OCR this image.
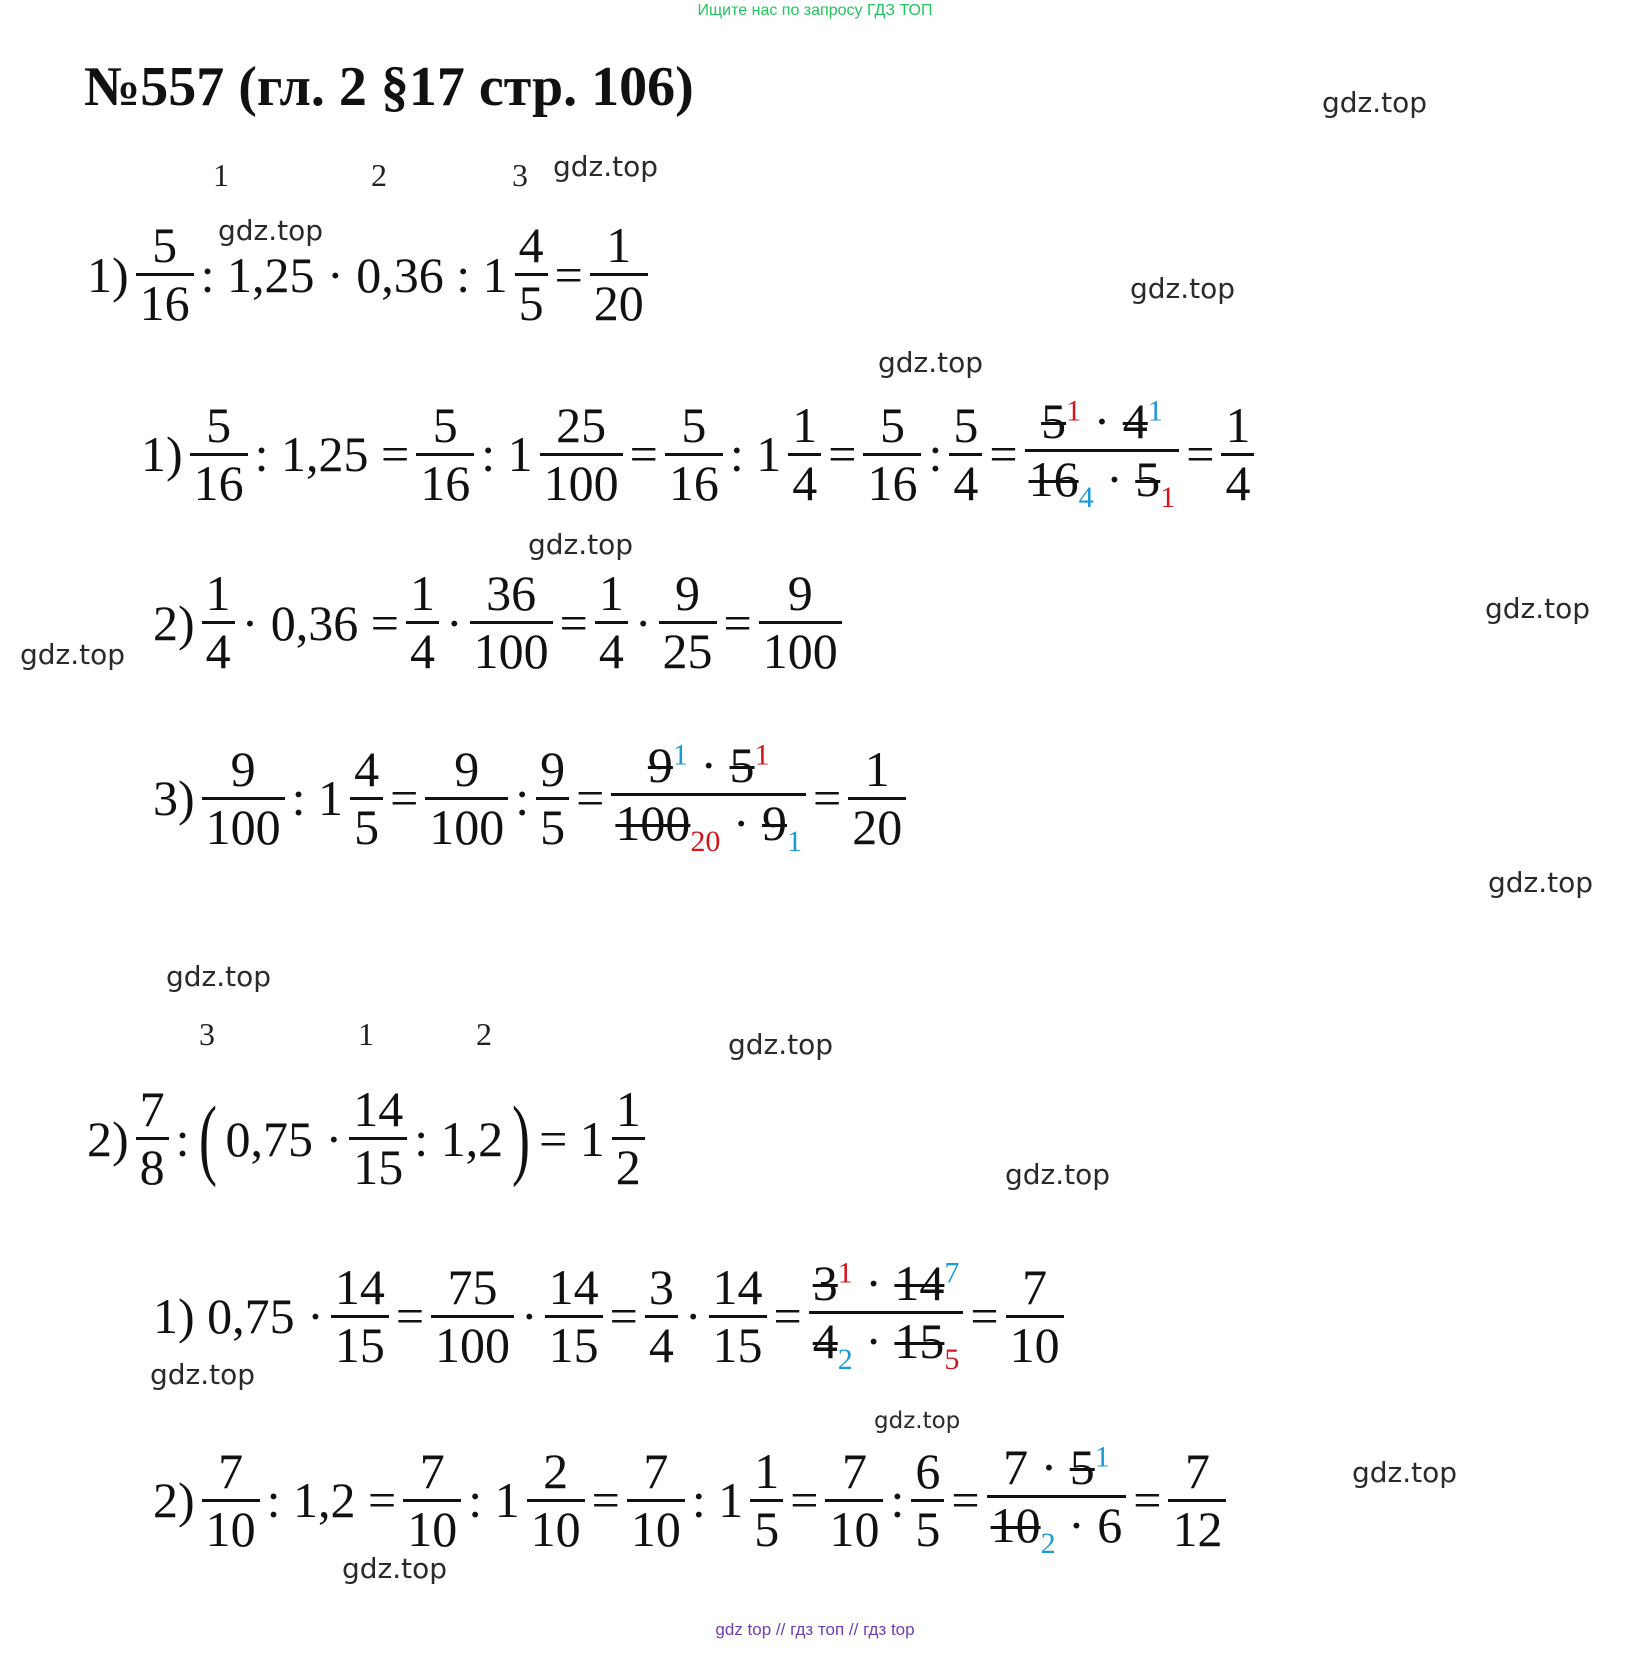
Ищите нас по запросу ГДЗ ТОП
№557 (гл. 2 §17 стр. 106)	gdz.top
gdz.top
gdz.top
gdz.top
gdz.top
gdz.top
gdz.top
gdz.top
gdz.top
gdz.top
gdz.top
gdz.top
gdz.top
gdz.top
gdz.top
gdz.top
1	2	3
3	1	2
$1) \frac{5}{16}$ : 1,25 · 0,36 : $1 \frac{4}{5} = \frac{1}{20}$
$1) \frac{5}{16}$ : $1,25 = \frac{5}{16}$ : $1 \frac{25}{100} = \frac{5}{16}$ : $1 \frac{1}{4} = \frac{5}{16}$ : $\frac{5}{4} = \frac{5^1 \cdot 4^1}{16_4 \cdot 5_1} = \frac{1}{4}$
$2) \frac{1}{4} \cdot 0,36 = \frac{1}{4} \cdot \frac{36}{100} = \frac{1}{4} \cdot \frac{9}{25} = \frac{9}{100}$
$3) \frac{9}{100}$ : $1 \frac{4}{5} = \frac{9}{100}$ : $\frac{9}{5} = \frac{9^1 \cdot 5^1}{100_{20} \cdot 9_1} = \frac{1}{20}$
$2) \frac{7}{8}$ : ( $0,75 \cdot \frac{14}{15}$ : 1,2 ) = $1 \frac{1}{2}$
1) $0,75 \cdot \frac{14}{15} = \frac{75}{100} \cdot \frac{14}{15} = \frac{3}{4} \cdot \frac{14}{15} = \frac{3^1 \cdot 14^7}{4_2 \cdot 15_5} = \frac{7}{10}$
$2) \frac{7}{10}$ : $1,2 = \frac{7}{10}$ : $1 \frac{2}{10} = \frac{7}{10}$ : $1 \frac{1}{5} = \frac{7}{10}$ : $\frac{6}{5} = \frac{7 \cdot 5^1}{10_2 \cdot 6} = \frac{7}{12}$
gdz top // гдз топ // гдз top
